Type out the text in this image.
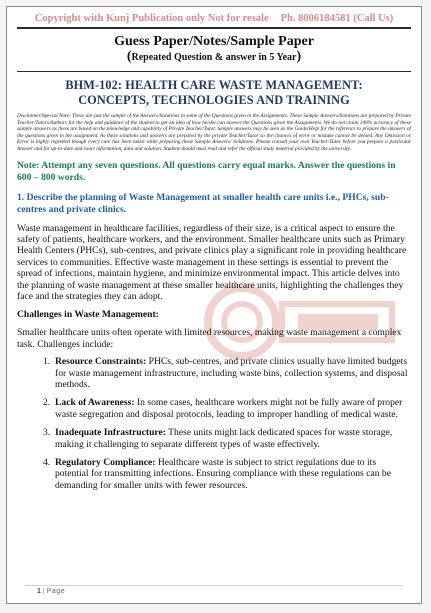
Copyright with Kunj Publication only Not for resale Ph. 8006184581 (Call Us)
Guess Paper/Notes/Sample Paper
(Repeated Question & answer in 5 Year)
BHM-102: HEALTH CARE WASTE MANAGEMENT:
CONCEPTS, TECHNOLOGIES AND TRAINING
Disclaimer/Special Note: These are just the sample of the Answers/Solutions to some of the Questions given in the Assignments. These Sample Answers/Solutions are prepared by Private Teacher/Tutors/Authors for the help and guidance of the student to get an idea of how he/she can answer the Questions given the Assignments. We do not claim 100% accuracy of these sample answers as these are based on the knowledge and capability of Private Teacher/Tutor. Sample answers may be seen as the Guide/Help for the reference to prepare the answers of the questions given in the assignment. As these solutions and answers are prepared by the private Teacher/Tutor so the chances of error or mistake cannot be denied. Any Omission or Error is highly regretted though every care has been taken while preparing these Sample Answers/ Solutions. Please consult your own Teacher/Tutor before you prepare a particular Answer and for up-to-date and exact information, data and solution. Student should must read and refer the official study material provided by the university.
Note: Attempt any seven questions. All questions carry equal marks. Answer the questions in 600 – 800 words.
1. Describe the planning of Waste Management at smaller health care units i.e., PHCs, sub-centres and private clinics.
Waste management in healthcare facilities, regardless of their size, is a critical aspect to ensure the safety of patients, healthcare workers, and the environment. Smaller healthcare units such as Primary Health Centers (PHCs), sub-centres, and private clinics play a significant role in providing healthcare services to communities. Effective waste management in these settings is essential to prevent the spread of infections, maintain hygiene, and minimize environmental impact. This article delves into the planning of waste management at these smaller healthcare units, highlighting the challenges they face and the strategies they can adopt.
Challenges in Waste Management:
Smaller healthcare units often operate with limited resources, making waste management a complex task. Challenges include:
1. Resource Constraints: PHCs, sub-centres, and private clinics usually have limited budgets for waste management infrastructure, including waste bins, collection systems, and disposal methods.
2. Lack of Awareness: In some cases, healthcare workers might not be fully aware of proper waste segregation and disposal protocols, leading to improper handling of medical waste.
3. Inadequate Infrastructure: These units might lack dedicated spaces for waste storage, making it challenging to separate different types of waste effectively.
4. Regulatory Compliance: Healthcare waste is subject to strict regulations due to its potential for transmitting infections. Ensuring compliance with these regulations can be demanding for smaller units with fewer resources.
1 | Page
